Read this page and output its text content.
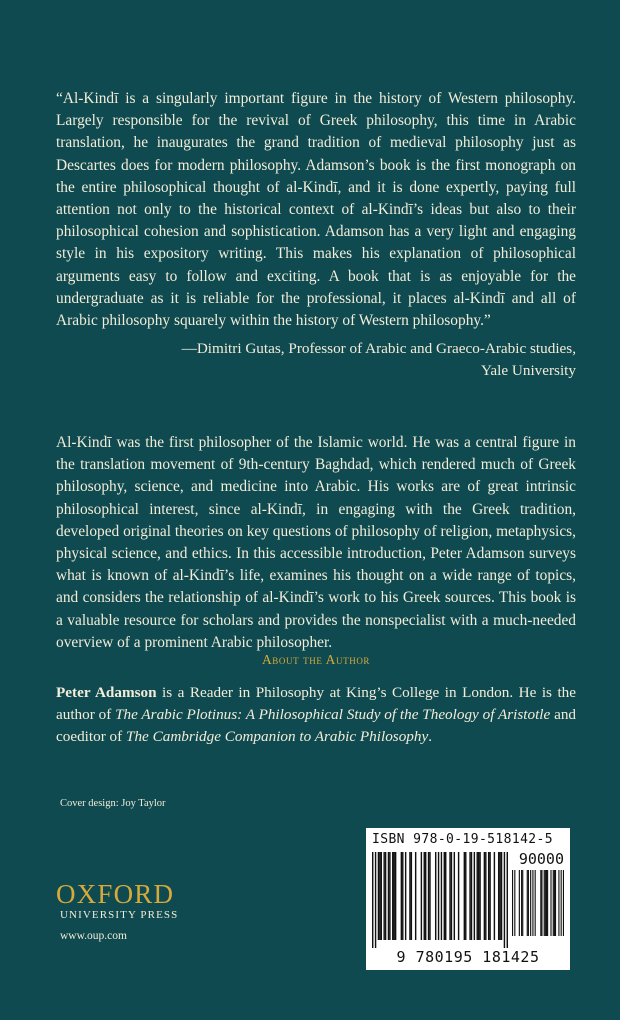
“Al-Kindī is a singularly important figure in the history of Western philosophy. Largely responsible for the revival of Greek philosophy, this time in Arabic translation, he inaugurates the grand tradition of medieval philosophy just as Descartes does for modern philosophy. Adamson’s book is the first monograph on the entire philosophical thought of al-Kindī, and it is done expertly, paying full attention not only to the historical context of al-Kindī’s ideas but also to their philosophical cohesion and sophistication. Adamson has a very light and engaging style in his expository writing. This makes his explanation of philosophical arguments easy to follow and exciting. A book that is as enjoyable for the undergraduate as it is reliable for the professional, it places al-Kindī and all of Arabic philosophy squarely within the history of Western philosophy.”

—Dimitri Gutas, Professor of Arabic and Graeco-Arabic studies,
Yale University

Al-Kindī was the first philosopher of the Islamic world. He was a central figure in the translation movement of 9th-century Baghdad, which rendered much of Greek philosophy, science, and medicine into Arabic. His works are of great intrinsic philosophical interest, since al-Kindī, in engaging with the Greek tradition, developed original theories on key questions of philosophy of religion, metaphysics, physical science, and ethics. In this accessible introduction, Peter Adamson surveys what is known of al-Kindī’s life, examines his thought on a wide range of topics, and considers the relationship of al-Kindī’s work to his Greek sources. This book is a valuable resource for scholars and provides the nonspecialist with a much-needed overview of a prominent Arabic philosopher.

About the Author

Peter Adamson is a Reader in Philosophy at King’s College in London. He is the author of The Arabic Plotinus: A Philosophical Study of the Theology of Aristotle and coeditor of The Cambridge Companion to Arabic Philosophy.

Cover design: Joy Taylor

OXFORD

UNIVERSITY PRESS

www.oup.com

ISBN 978-0-19-518142-5

90000

9 780195 181425
